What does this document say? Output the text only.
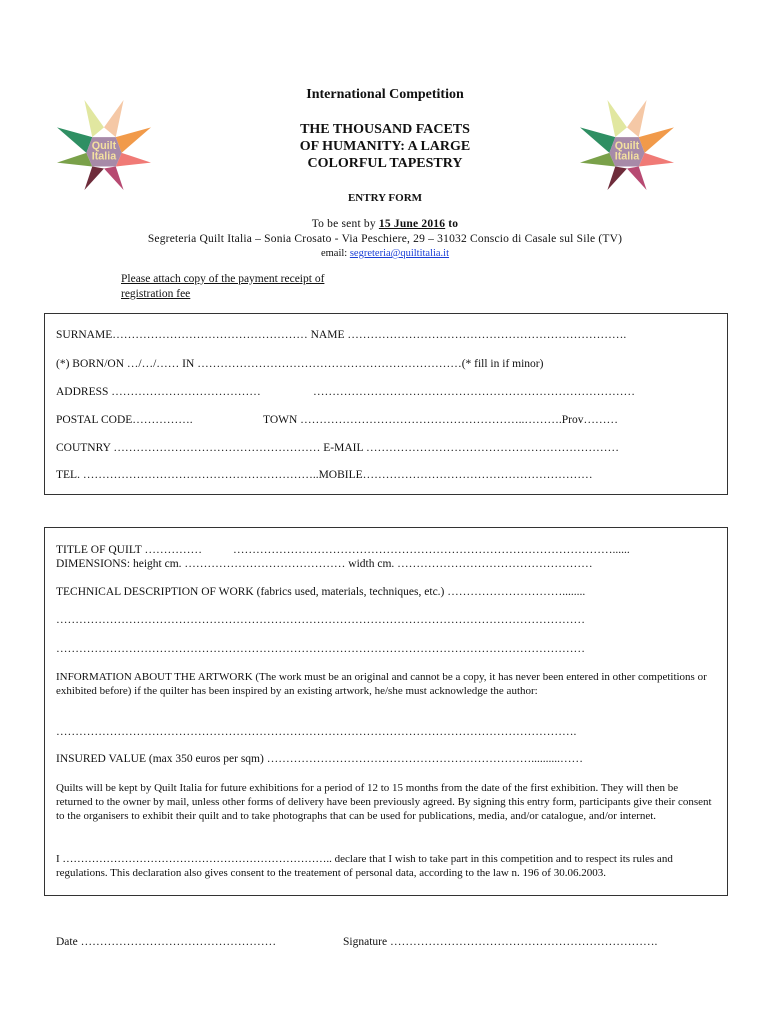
Quilt
Italia
Quilt
Italia
International Competition
THE THOUSAND FACETS
OF HUMANITY: A LARGE
COLORFUL TAPESTRY
ENTRY FORM
To be sent by 15 June 2016 to
Segreteria Quilt Italia – Sonia Crosato - Via Peschiere, 29 – 31032 Conscio di Casale sul Sile (TV)
email: segreteria@quiltitalia.it
Please attach copy of the payment receipt of
registration fee
SURNAME…………………………………………… NAME ……………………………………………………………….
(*) BORN/ON …/…/…… IN ……………………………………………………………(* fill in if minor)
ADDRESS …………………………………	…………………………………………………………………………
POSTAL CODE…………….	TOWN …………………………………………………..……….Prov………
COUTNRY ……………………………………………… E-MAIL …………………………………………………………
TEL. ……………………………………………………..MOBILE……………………………………………………
TITLE OF QUILT ……………	………………………………………………………………………………………......
DIMENSIONS: height cm. …………………………………… width cm. ……………………………………………
TECHNICAL DESCRIPTION OF WORK (fabrics used, materials, techniques, etc.) …………………………........
…………………………………………………………………………………………………………………………
…………………………………………………………………………………………………………………………
INFORMATION ABOUT THE ARTWORK (The work must be an original and cannot be a copy, it has never been entered in other competitions or exhibited before) if the quilter has been inspired by an existing artwork, he/she must acknowledge the author:
……………………………………………………………………………………………………………………….
INSURED VALUE (max 350 euros per sqm) ……………………………………………………………..........……
Quilts will be kept by Quilt Italia for future exhibitions for a period of 12 to 15 months from the date of the first exhibition. They will then be returned to the owner by mail, unless other forms of delivery have been previously agreed. By signing this entry form, participants give their consent to the organisers to exhibit their quilt and to take photographs that can be used for publications, media, and/or catalogue, and/or internet.
I ……………………………………………………………….. declare that I wish to take part in this competition and to respect its rules and regulations. This declaration also gives consent to the treatement of personal data, according to the law n. 196 of 30.06.2003.
Date ……………………………………………	Signature …………………………………………………………….
